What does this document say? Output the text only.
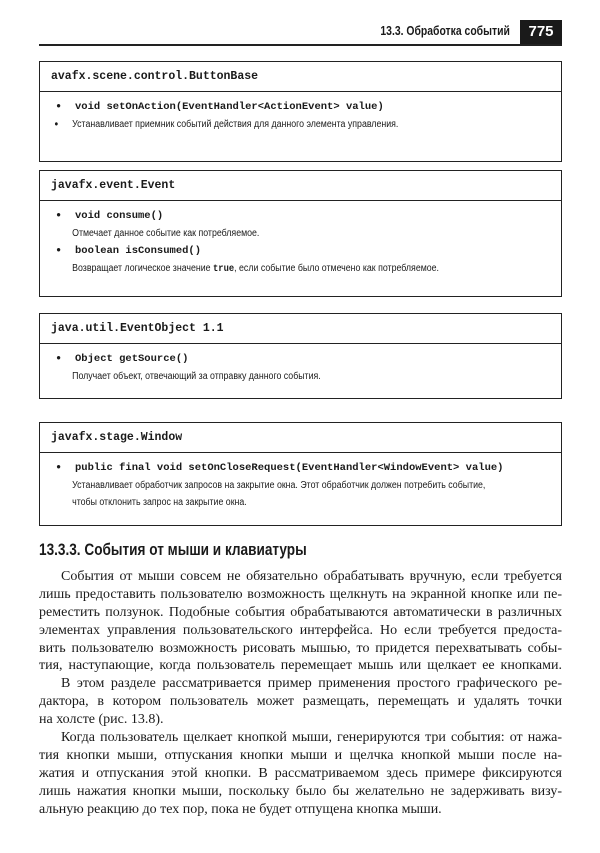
13.3. Обработка событий	775
avafx.scene.control.ButtonBase
• void setOnAction(EventHandler<ActionEvent> value)
• Устанавливает приемник событий действия для данного элемента управления.
javafx.event.Event
• void consume()
Отмечает данное событие как потребляемое.
• boolean isConsumed()
Возвращает логическое значение true, если событие было отмечено как потребляемое.
java.util.EventObject 1.1
• Object getSource()
Получает объект, отвечающий за отправку данного события.
javafx.stage.Window
• public final void setOnCloseRequest(EventHandler<WindowEvent> value)
Устанавливает обработчик запросов на закрытие окна. Этот обработчик должен потребить событие,
чтобы отклонить запрос на закрытие окна.
13.3.3. События от мыши и клавиатуры
События от мыши совсем не обязательно обрабатывать вручную, если требуется
лишь предоставить пользователю возможность щелкнуть на экранной кнопке или пе-
реместить ползунок. Подобные события обрабатываются автоматически в различных
элементах управления пользовательского интерфейса. Но если требуется предоста-
вить пользователю возможность рисовать мышью, то придется перехватывать собы-
тия, наступающие, когда пользователь перемещает мышь или щелкает ее кнопками.
В этом разделе рассматривается пример применения простого графического ре-
дактора, в котором пользователь может размещать, перемещать и удалять точки
на холсте (рис. 13.8).
Когда пользователь щелкает кнопкой мыши, генерируются три события: от нажа-
тия кнопки мыши, отпускания кнопки мыши и щелчка кнопкой мыши после на-
жатия и отпускания этой кнопки. В рассматриваемом здесь примере фиксируются
лишь нажатия кнопки мыши, поскольку было бы желательно не задерживать визу-
альную реакцию до тех пор, пока не будет отпущена кнопка мыши.
